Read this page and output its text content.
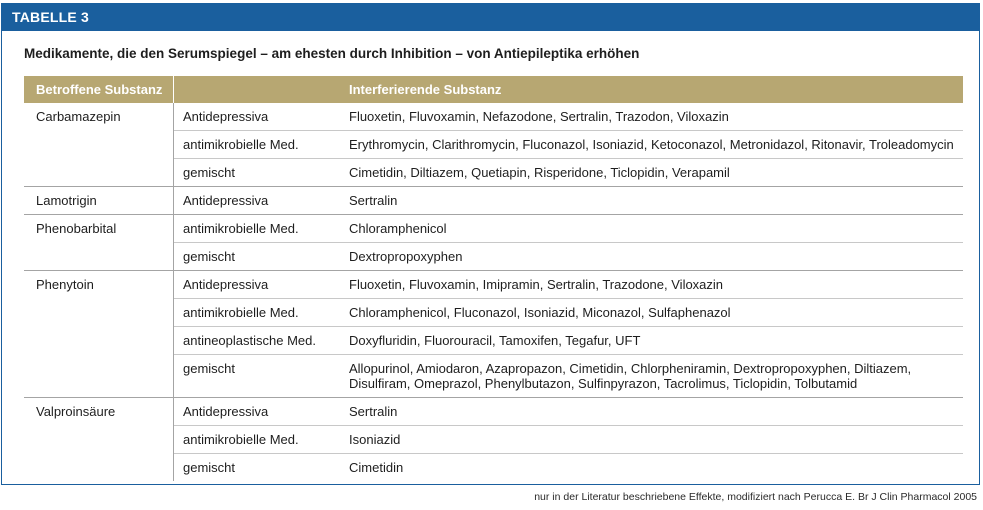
TABELLE 3
Medikamente, die den Serumspiegel – am ehesten durch Inhibition – von Antiepileptika erhöhen
Betroffene Substanz	Interferierende Substanz
Carbamazepin	Antidepressiva	Fluoxetin, Fluvoxamin, Nefazodone, Sertralin, Trazodon, Viloxazin
antimikrobielle Med.	Erythromycin, Clarithromycin, Fluconazol, Isoniazid, Ketoconazol, Metronidazol, Ritonavir, Troleadomycin
gemischt	Cimetidin, Diltiazem, Quetiapin, Risperidone, Ticlopidin, Verapamil
Lamotrigin	Antidepressiva	Sertralin
Phenobarbital	antimikrobielle Med.	Chloramphenicol
gemischt	Dextropropoxyphen
Phenytoin	Antidepressiva	Fluoxetin, Fluvoxamin, Imipramin, Sertralin, Trazodone, Viloxazin
antimikrobielle Med.	Chloramphenicol, Fluconazol, Isoniazid, Miconazol, Sulfaphenazol
antineoplastische Med.	Doxyfluridin, Fluorouracil, Tamoxifen, Tegafur, UFT
gemischt	Allopurinol, Amiodaron, Azapropazon, Cimetidin, Chlorpheniramin, Dextropropoxyphen, Diltiazem, Disulfiram, Omeprazol, Phenylbutazon, Sulfinpyrazon, Tacrolimus, Ticlopidin, Tolbutamid
Valproinsäure	Antidepressiva	Sertralin
antimikrobielle Med.	Isoniazid
gemischt	Cimetidin
nur in der Literatur beschriebene Effekte, modifiziert nach Perucca E. Br J Clin Pharmacol 2005
